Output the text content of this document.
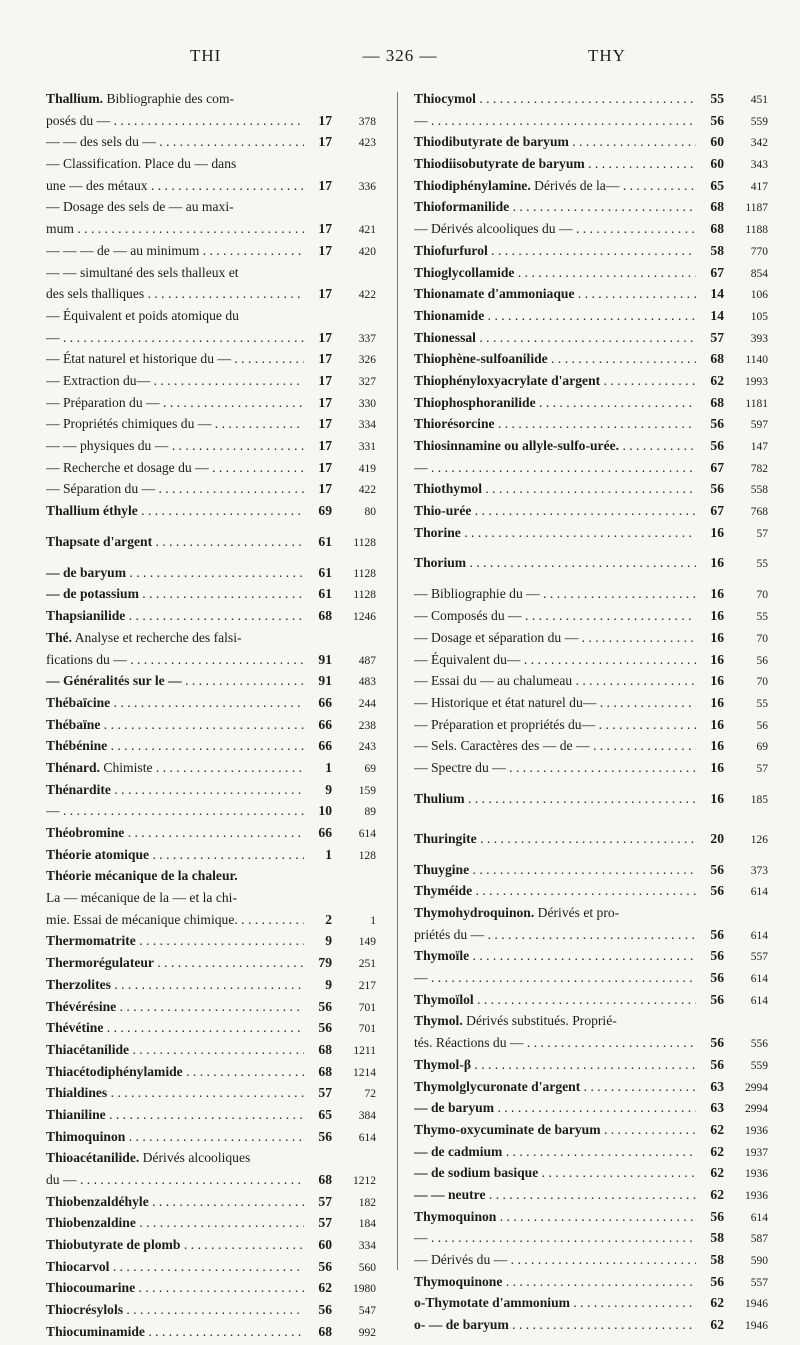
THI	— 326 —	THY
Thallium. Bibliographie des com-
posés du — . . .	17	378
— — des sels du — . . .	17	423
— Classification. Place du — dans
une — des métaux . . .	17	336
— Dosage des sels de — au maxi-
mum . . .	17	421
— — — de — au minimum . . .	17	420
— — simultané des sels thalleux et
des sels thalliques . . .	17	422
— Équivalent et poids atomique du
— . . .	17	337
— État naturel et historique du — . . .	17	326
— Extraction du— . . .	17	327
— Préparation du — . . .	17	330
— Propriétés chimiques du — . . .	17	334
— — physiques du — . . .	17	331
— Recherche et dosage du — . . .	17	419
— Séparation du — . . .	17	422
Thallium éthyle . . .	69	80
Thapsate d'argent . . .	61	1128
— de baryum . . .	61	1128
— de potassium . . .	61	1128
Thapsianilide . . .	68	1246
Thé. Analyse et recherche des falsi-
fications du — . . .	91	487
— Généralités sur le — . . .	91	483
Thébaïcine . . .	66	244
Thébaïne . . .	66	238
Thébénine . . .	66	243
Thénard. Chimiste . . .	1	69
Thénardite . . .	9	159
— . . .	10	89
Théobromine . . .	66	614
Théorie atomique . . .	1	128
Théorie mécanique de la chaleur.
La — mécanique de la — et la chi-
mie. Essai de mécanique chimique. . . .	2	1
Thermomatrite . . .	9	149
Thermorégulateur . . .	79	251
Therzolites . . .	9	217
Thévérésine . . .	56	701
Thévétine . . .	56	701
Thiacétanilide . . .	68	1211
Thiacétodiphénylamide . . .	68	1214
Thialdines . . .	57	72
Thianiline . . .	65	384
Thimoquinon . . .	56	614
Thioacétanilide. Dérivés alcooliques
du — . . .	68	1212
Thiobenzaldéhyle . . .	57	182
Thiobenzaldine . . .	57	184
Thiobutyrate de plomb . . .	60	334
Thiocarvol . . .	56	560
Thiocoumarine . . .	62	1980
Thiocrésylols . . .	56	547
Thiocuminamide . . .	68	992
Thiocymol . . .	55	451
— . . .	56	559
Thiodibutyrate de baryum . . .	60	342
Thiodiisobutyrate de baryum . . .	60	343
Thiodiphénylamine. Dérivés de la— . . .	65	417
Thioformanilide . . .	68	1187
— Dérivés alcooliques du — . . .	68	1188
Thiofurfurol . . .	58	770
Thioglycollamide . . .	67	854
Thionamate d'ammoniaque . . .	14	106
Thionamide . . .	14	105
Thionessal . . .	57	393
Thiophène-sulfoanilide . . .	68	1140
Thiophényloxyacrylate d'argent . . .	62	1993
Thiophosphoranilide . . .	68	1181
Thiorésorcine . . .	56	597
Thiosinnamine ou allyle-sulfo-urée. . . .	56	147
— . . .	67	782
Thiothymol . . .	56	558
Thio-urée . . .	67	768
Thorine . . .	16	57
Thorium . . .	16	55
— Bibliographie du — . . .	16	70
— Composés du — . . .	16	55
— Dosage et séparation du — . . .	16	70
— Équivalent du— . . .	16	56
— Essai du — au chalumeau . . .	16	70
— Historique et état naturel du— . . .	16	55
— Préparation et propriétés du— . . .	16	56
— Sels. Caractères des — de — . . .	16	69
— Spectre du — . . .	16	57
Thulium . . .	16	185
Thuringite . . .	20	126
Thuygine . . .	56	373
Thyméide . . .	56	614
Thymohydroquinon. Dérivés et pro-
priétés du — . . .	56	614
Thymoïle . . .	56	557
— . . .	56	614
Thymoïlol . . .	56	614
Thymol. Dérivés substitués. Proprié-
tés. Réactions du — . . .	56	556
Thymol-β . . .	56	559
Thymolglycuronate d'argent . . .	63	2994
— de baryum . . .	63	2994
Thymo-oxycuminate de baryum . . .	62	1936
— de cadmium . . .	62	1937
— de sodium basique . . .	62	1936
— — neutre . . .	62	1936
Thymoquinon . . .	56	614
— . . .	58	587
— Dérivés du — . . .	58	590
Thymoquinone . . .	56	557
o-Thymotate d'ammonium . . .	62	1946
o- — de baryum . . .	62	1946
